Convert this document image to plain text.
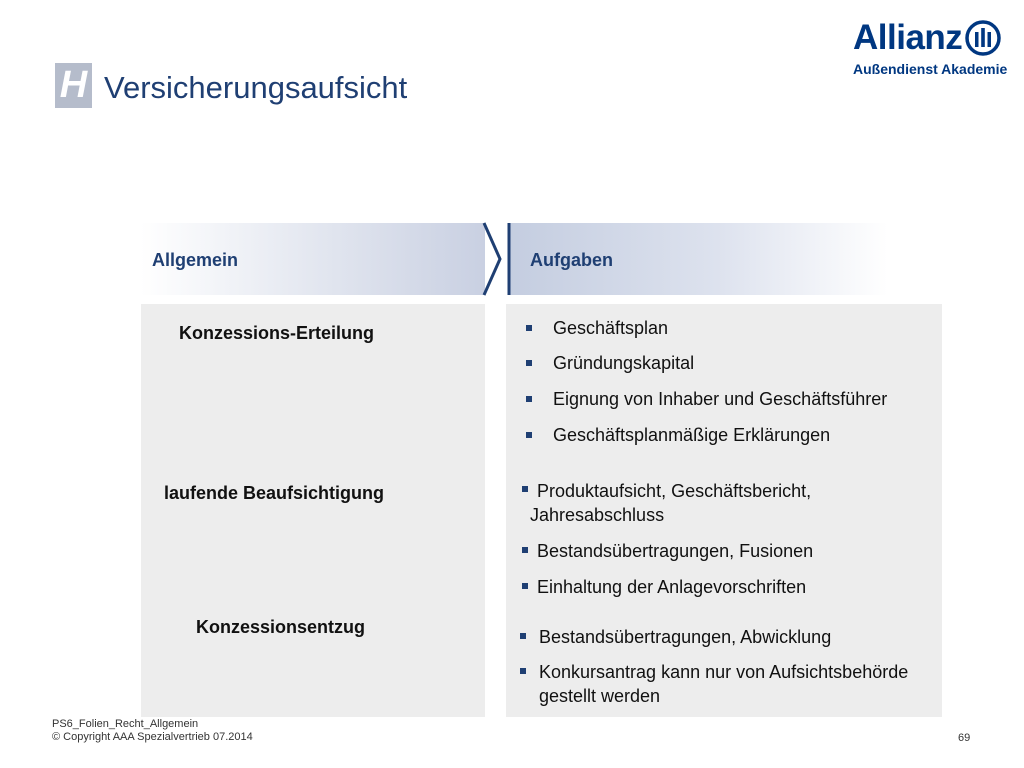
H Versicherungsaufsicht
Allianz
Außendienst Akademie
Allgemein	Aufgaben
Konzessions-Erteilung
laufende Beaufsichtigung
Konzessionsentzug
Geschäftsplan
Gründungskapital
Eignung von Inhaber und Geschäftsführer
Geschäftsplanmäßige Erklärungen
Produktaufsicht, Geschäftsbericht, Jahresabschluss
Bestandsübertragungen, Fusionen
Einhaltung der Anlagevorschriften
Bestandsübertragungen, Abwicklung
Konkursantrag kann nur von Aufsichtsbehörde gestellt werden
PS6_Folien_Recht_Allgemein
© Copyright AAA Spezialvertrieb 07.2014	69
